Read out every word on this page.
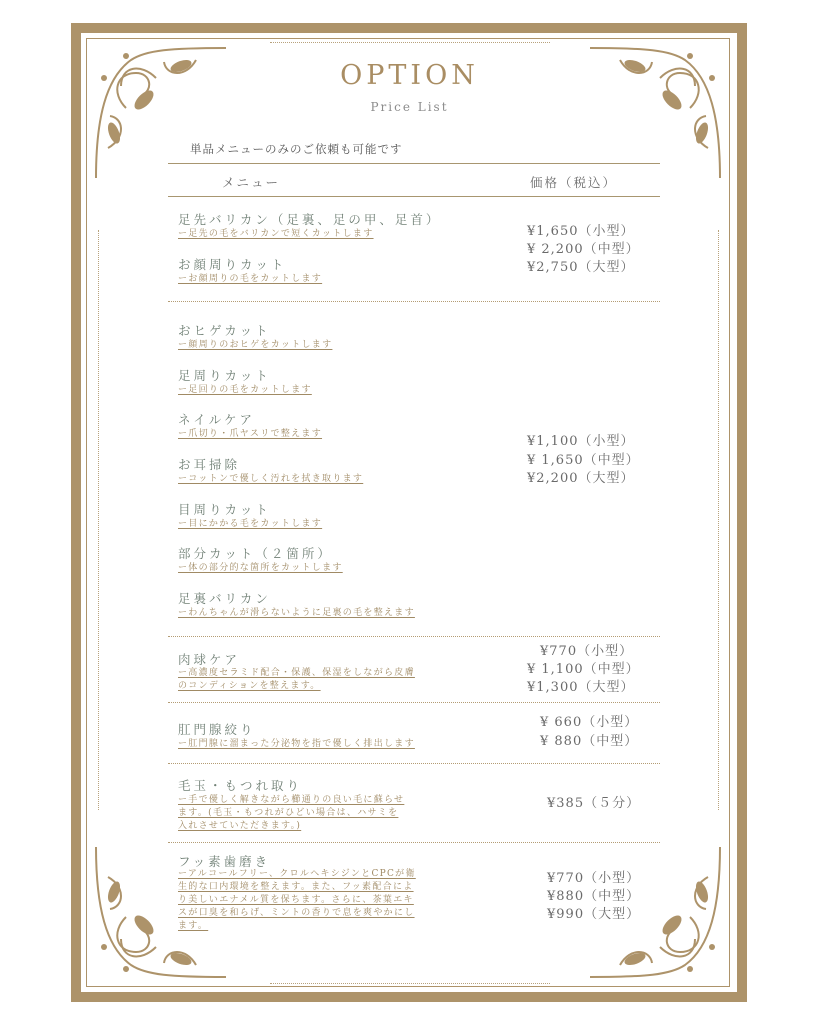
OPTION
Price List
単品メニューのみのご依頼も可能です
メニュー	価格（税込）
足先バリカン（足裏、足の甲、足首）
ー足先の毛をバリカンで短くカットします
お顔周りカット
ーお顔周りの毛をカットします
¥1,650（小型）
¥ 2,200（中型）
¥2,750（大型）
おヒゲカット
ー顔周りのおヒゲをカットします
足周りカット
ー足回りの毛をカットします
ネイルケア
ー爪切り・爪ヤスリで整えます
お耳掃除
ーコットンで優しく汚れを拭き取ります
目周りカット
ー目にかかる毛をカットします
部分カット（２箇所）
ー体の部分的な箇所をカットします
足裏バリカン
ーわんちゃんが滑らないように足裏の毛を整えます
¥1,100（小型）
¥ 1,650（中型）
¥2,200（大型）
肉球ケア
ー高濃度セラミド配合・保護、保湿をしながら皮膚
のコンディションを整えます。
¥770（小型）
¥ 1,100（中型）
¥1,300（大型）
肛門腺絞り
ー肛門腺に溜まった分泌物を指で優しく排出します
¥ 660（小型）
¥ 880（中型）
毛玉・もつれ取り
ー手で優しく解きながら櫛通りの良い毛に蘇らせ
ます。(毛玉・もつれがひどい場合は、ハサミを
入れさせていただきます。)
¥385（５分）
フッ素歯磨き
ーアルコールフリー、クロルヘキシジンとCPCが衛
生的な口内環境を整えます。また、フッ素配合によ
り美しいエナメル質を保ちます。さらに、茶葉エキ
スが口臭を和らげ、ミントの香りで息を爽やかにし
ます。
¥770（小型）
¥880（中型）
¥990（大型）
